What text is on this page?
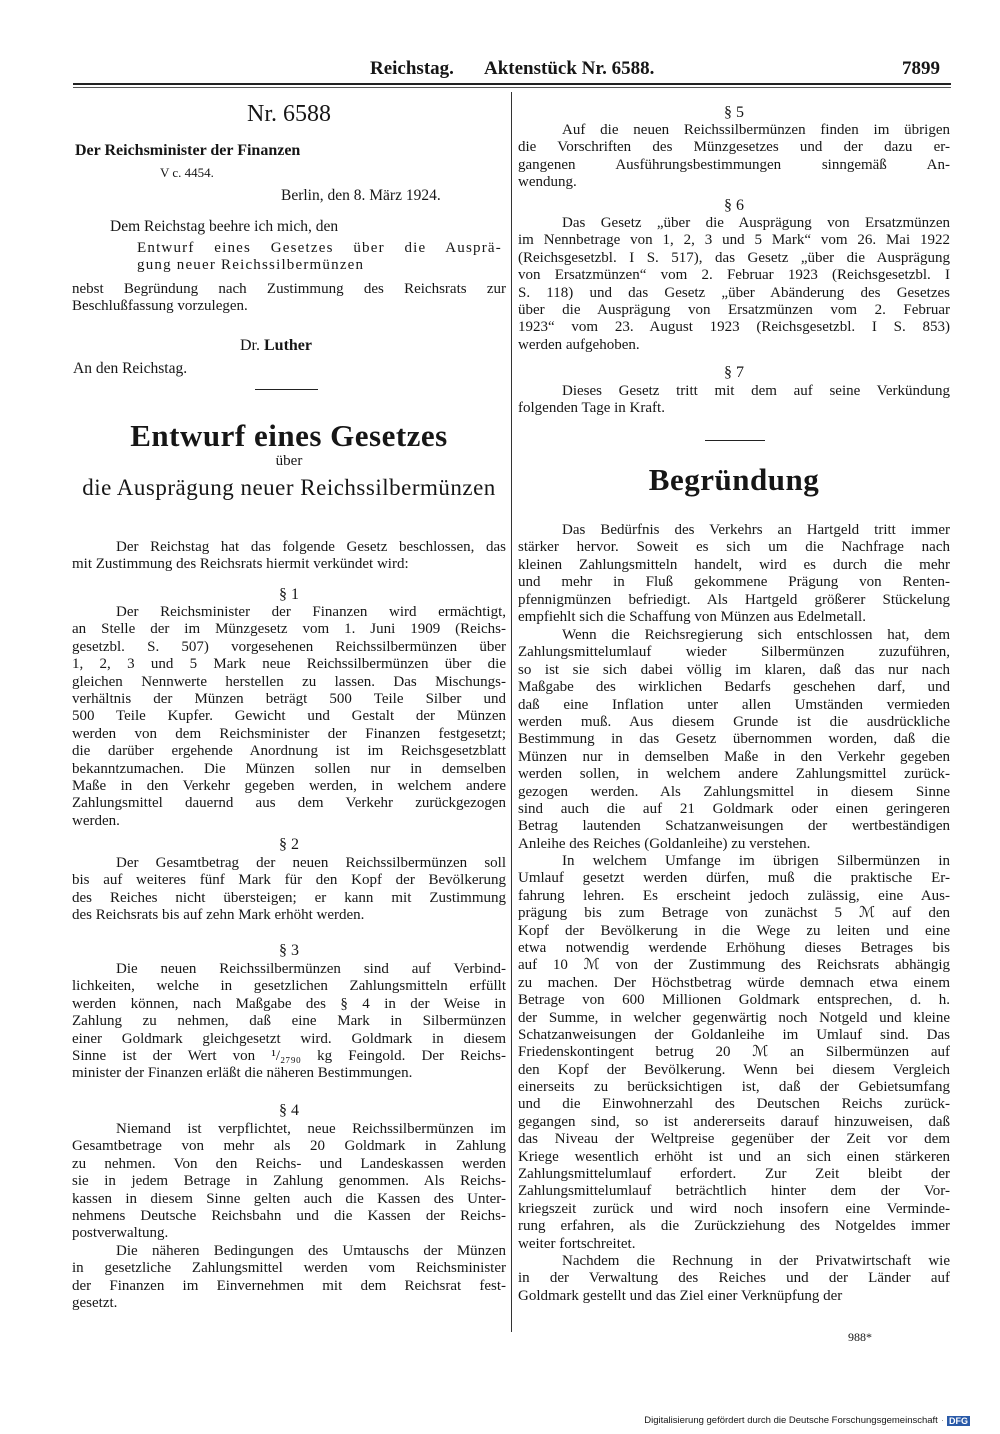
Reichstag. Aktenstück Nr. 6588.	7899
Nr. 6588
Der Reichsminister der Finanzen
V c. 4454.
Berlin, den 8. März 1924.
Dem Reichstag beehre ich mich, den
Entwurf eines Gesetzes über die Ausprä-
gung neuer Reichssilbermünzen
nebst Begründung nach Zustimmung des Reichsrats zur
Beschlußfassung vorzulegen.
Dr. Luther
An den Reichstag.
Entwurf eines Gesetzes
über
die Ausprägung neuer Reichssilbermünzen
Der Reichstag hat das folgende Gesetz beschlossen, das
mit Zustimmung des Reichsrats hiermit verkündet wird:
§ 1
Der Reichsminister der Finanzen wird ermächtigt,
an Stelle der im Münzgesetz vom 1. Juni 1909 (Reichs-
gesetzbl. S. 507) vorgesehenen Reichssilbermünzen über
1, 2, 3 und 5 Mark neue Reichssilbermünzen über die
gleichen Nennwerte herstellen zu lassen. Das Mischungs-
verhältnis der Münzen beträgt 500 Teile Silber und
500 Teile Kupfer. Gewicht und Gestalt der Münzen
werden von dem Reichsminister der Finanzen festgesetzt;
die darüber ergehende Anordnung ist im Reichsgesetzblatt
bekanntzumachen. Die Münzen sollen nur in demselben
Maße in den Verkehr gegeben werden, in welchem andere
Zahlungsmittel dauernd aus dem Verkehr zurückgezogen
werden.
§ 2
Der Gesamtbetrag der neuen Reichssilbermünzen soll
bis auf weiteres fünf Mark für den Kopf der Bevölkerung
des Reiches nicht übersteigen; er kann mit Zustimmung
des Reichsrats bis auf zehn Mark erhöht werden.
§ 3
Die neuen Reichssilbermünzen sind auf Verbind-
lichkeiten, welche in gesetzlichen Zahlungsmitteln erfüllt
werden können, nach Maßgabe des § 4 in der Weise in
Zahlung zu nehmen, daß eine Mark in Silbermünzen
einer Goldmark gleichgesetzt wird. Goldmark in diesem
Sinne ist der Wert von ¹/₂₇₉₀ kg Feingold. Der Reichs-
minister der Finanzen erläßt die näheren Bestimmungen.
§ 4
Niemand ist verpflichtet, neue Reichssilbermünzen im
Gesamtbetrage von mehr als 20 Goldmark in Zahlung
zu nehmen. Von den Reichs- und Landeskassen werden
sie in jedem Betrage in Zahlung genommen. Als Reichs-
kassen in diesem Sinne gelten auch die Kassen des Unter-
nehmens Deutsche Reichsbahn und die Kassen der Reichs-
postverwaltung.
Die näheren Bedingungen des Umtauschs der Münzen
in gesetzliche Zahlungsmittel werden vom Reichsminister
der Finanzen im Einvernehmen mit dem Reichsrat fest-
gesetzt.
§ 5
Auf die neuen Reichssilbermünzen finden im übrigen
die Vorschriften des Münzgesetzes und der dazu er-
gangenen Ausführungsbestimmungen sinngemäß An-
wendung.
§ 6
Das Gesetz „über die Ausprägung von Ersatzmünzen
im Nennbetrage von 1, 2, 3 und 5 Mark“ vom 26. Mai 1922
(Reichsgesetzbl. I S. 517), das Gesetz „über die Ausprägung
von Ersatzmünzen“ vom 2. Februar 1923 (Reichsgesetzbl. I
S. 118) und das Gesetz „über Abänderung des Gesetzes
über die Ausprägung von Ersatzmünzen vom 2. Februar
1923“ vom 23. August 1923 (Reichsgesetzbl. I S. 853)
werden aufgehoben.
§ 7
Dieses Gesetz tritt mit dem auf seine Verkündung
folgenden Tage in Kraft.
Begründung
Das Bedürfnis des Verkehrs an Hartgeld tritt immer
stärker hervor. Soweit es sich um die Nachfrage nach
kleinen Zahlungsmitteln handelt, wird es durch die mehr
und mehr in Fluß gekommene Prägung von Renten-
pfennigmünzen befriedigt. Als Hartgeld größerer Stückelung
empfiehlt sich die Schaffung von Münzen aus Edelmetall.
Wenn die Reichsregierung sich entschlossen hat, dem
Zahlungsmittelumlauf wieder Silbermünzen zuzuführen,
so ist sie sich dabei völlig im klaren, daß das nur nach
Maßgabe des wirklichen Bedarfs geschehen darf, und
daß eine Inflation unter allen Umständen vermieden
werden muß. Aus diesem Grunde ist die ausdrückliche
Bestimmung in das Gesetz übernommen worden, daß die
Münzen nur in demselben Maße in den Verkehr gegeben
werden sollen, in welchem andere Zahlungsmittel zurück-
gezogen werden. Als Zahlungsmittel in diesem Sinne
sind auch die auf 21 Goldmark oder einen geringeren
Betrag lautenden Schatzanweisungen der wertbeständigen
Anleihe des Reiches (Goldanleihe) zu verstehen.
In welchem Umfange im übrigen Silbermünzen in
Umlauf gesetzt werden dürfen, muß die praktische Er-
fahrung lehren. Es erscheint jedoch zulässig, eine Aus-
prägung bis zum Betrage von zunächst 5 ℳ auf den
Kopf der Bevölkerung in die Wege zu leiten und eine
etwa notwendig werdende Erhöhung dieses Betrages bis
auf 10 ℳ von der Zustimmung des Reichsrats abhängig
zu machen. Der Höchstbetrag würde demnach etwa einem
Betrage von 600 Millionen Goldmark entsprechen, d. h.
der Summe, in welcher gegenwärtig noch Notgeld und kleine
Schatzanweisungen der Goldanleihe im Umlauf sind. Das
Friedenskontingent betrug 20 ℳ an Silbermünzen auf
den Kopf der Bevölkerung. Wenn bei diesem Vergleich
einerseits zu berücksichtigen ist, daß der Gebietsumfang
und die Einwohnerzahl des Deutschen Reichs zurück-
gegangen sind, so ist andererseits darauf hinzuweisen, daß
das Niveau der Weltpreise gegenüber der Zeit vor dem
Kriege wesentlich erhöht ist und an sich einen stärkeren
Zahlungsmittelumlauf erfordert. Zur Zeit bleibt der
Zahlungsmittelumlauf beträchtlich hinter dem der Vor-
kriegszeit zurück und wird noch insofern eine Verminde-
rung erfahren, als die Zurückziehung des Notgeldes immer
weiter fortschreitet.
Nachdem die Rechnung in der Privatwirtschaft wie
in der Verwaltung des Reiches und der Länder auf
Goldmark gestellt und das Ziel einer Verknüpfung der
988*
Digitalisierung gefördert durch die Deutsche Forschungsgemeinschaft · DFG
